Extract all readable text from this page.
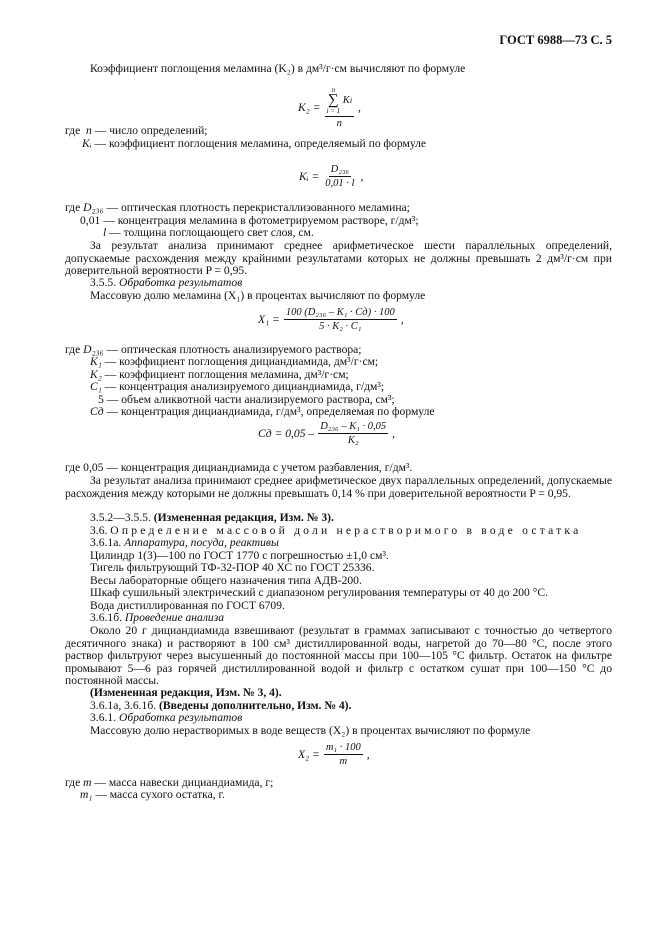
ГОСТ 6988—73 С. 5
Коэффициент поглощения меламина (K₂) в дм³/г·см вычисляют по формуле
K₂ = n
∑
i = 1

K i
n ,
где n — число определений;
Kᵢ — коэффициент поглощения меламина, определяемый по формуле
Kᵢ = $\frac{\text{D₂₃₆}}{0,01 \cdot l}$ ,
где D₂₃₆ — оптическая плотность перекристаллизованного меламина;
0,01 — концентрация меламина в фотометрируемом растворе, г/дм³;
l — толщина поглощающего свет слоя, см.
За результат анализа принимают среднее арифметическое шести параллельных определений, допускаемые расхождения между крайними результатами которых не должны превышать 2 дм³/г·см при доверительной вероятности P = 0,95.
3.5.5. Обработка результатов
Массовую долю меламина (X₁) в процентах вычисляют по формуле
$X_1 = \frac{\text{100 (D₂₃₆ – K₁ · Cд) · 100}}{\text{5 · K₂ · C₁}}$ ,
где D₂₃₆ — оптическая плотность анализируемого раствора;
K₁ — коэффициент поглощения дициандиамида, дм³/г·см;
K₂ — коэффициент поглощения меламина, дм³/г·см;
C₁ — концентрация анализируемого дициандиамида, г/дм³;
5 — объем аликвотной части анализируемого раствора, см³;
Cд — концентрация дициандиамида, г/дм³, определяемая по формуле
Cд = $0,05 - \frac{\text{D₂₃₆ – K₁ · 0,05}}{\text{K₂}}$ ,
где 0,05 — концентрация дициандиамида с учетом разбавления, г/дм³.
За результат анализа принимают среднее арифметическое двух параллельных определений, допускаемые расхождения между которыми не должны превышать 0,14 % при доверительной вероятности P = 0,95.
3.5.2—3.5.5. (Измененная редакция, Изм. № 3).
3.6. Определение массовой доли нерастворимого в воде остатка
3.6.1а. Аппаратура, посуда, реактивы
Цилиндр 1(3)—100 по ГОСТ 1770 с погрешностью ±1,0 см³.
Тигель фильтрующий ТФ-32-ПОР 40 ХС по ГОСТ 25336.
Весы лабораторные общего назначения типа АДВ-200.
Шкаф сушильный электрический с диапазоном регулирования температуры от 40 до 200 °С.
Вода дистиллированная по ГОСТ 6709.
3.6.1б. Проведение анализа
Около 20 г дициандиамида взвешивают (результат в граммах записывают с точностью до четвертого десятичного знака) и растворяют в 100 см³ дистиллированной воды, нагретой до 70—80 °С, после этого раствор фильтруют через высушенный до постоянной массы при 100—105 °С фильтр. Остаток на фильтре промывают 5—6 раз горячей дистиллированной водой и фильтр с остатком сушат при 100—150 °С до постоянной массы.
(Измененная редакция, Изм. № 3, 4).
3.6.1а, 3.6.1б. (Введены дополнительно, Изм. № 4).
3.6.1. Обработка результатов
Массовую долю нерастворимых в воде веществ (X₂) в процентах вычисляют по формуле
$X_2 = \frac{\text{m₁ · 100}}{m}$ ,
где m — масса навески дициандиамида, г;
m₁ — масса сухого остатка, г.
